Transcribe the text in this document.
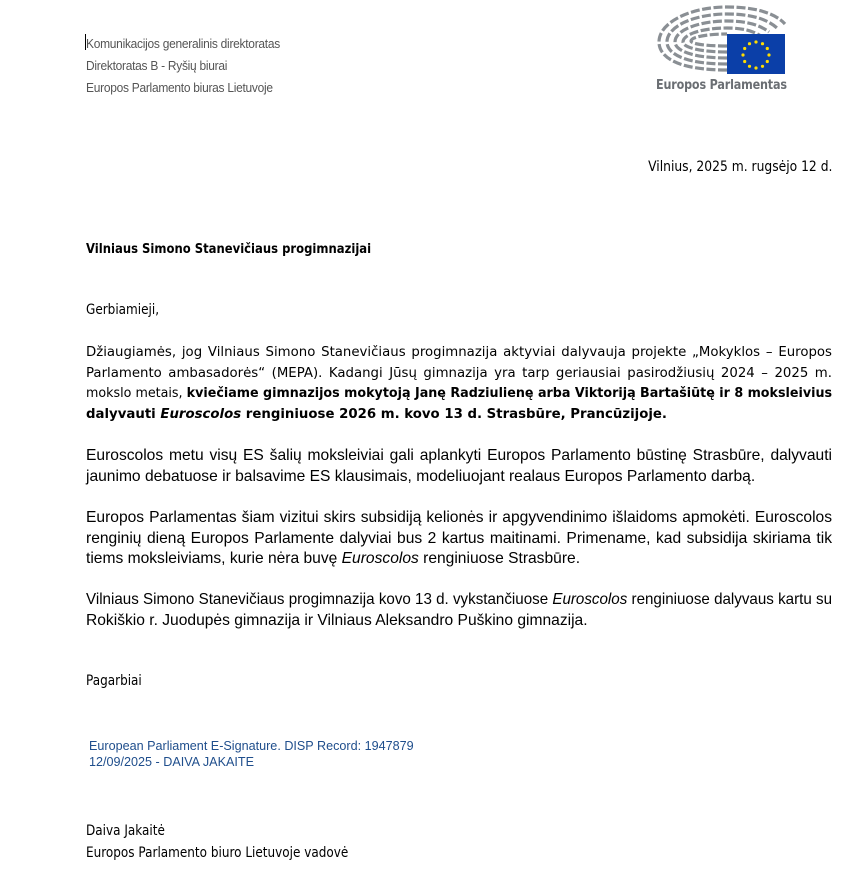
Komunikacijos generalinis direktoratas
Direktoratas B - Ryšių biurai
Europos Parlamento biuras Lietuvoje	Europos Parlamentas
Vilnius, 2025 m. rugsėjo 12 d.
Vilniaus Simono Stanevičiaus progimnazijai
Gerbiamieji,
Džiaugiamės, jog Vilniaus Simono Stanevičiaus progimnazija aktyviai dalyvauja projekte „Mokyklos – Europos
Parlamento ambasadorės“ (MEPA). Kadangi Jūsų gimnazija yra tarp geriausiai pasirodžiusių 2024 – 2025 m.
mokslo metais, kviečiame gimnazijos mokytoją Janę Radziulienę arba Viktoriją Bartašiūtę ir 8 moksleivius
dalyvauti Euroscolos renginiuose 2026 m. kovo 13 d. Strasbūre, Prancūzijoje.
Euroscolos metu visų ES šalių moksleiviai gali aplankyti Europos Parlamento būstinę Strasbūre, dalyvauti
jaunimo debatuose ir balsavime ES klausimais, modeliuojant realaus Europos Parlamento darbą.
Europos Parlamentas šiam vizitui skirs subsidiją kelionės ir apgyvendinimo išlaidoms apmokėti. Euroscolos
renginių dieną Europos Parlamente dalyviai bus 2 kartus maitinami. Primename, kad subsidija skiriama tik
tiems moksleiviams, kurie nėra buvę Euroscolos renginiuose Strasbūre.
Vilniaus Simono Stanevičiaus progimnazija kovo 13 d. vykstančiuose Euroscolos renginiuose dalyvaus kartu su
Rokiškio r. Juodupės gimnazija ir Vilniaus Aleksandro Puškino gimnazija.
Pagarbiai
European Parliament E-Signature. DISP Record: 1947879
12/09/2025 - DAIVA JAKAITE
Daiva Jakaitė
Europos Parlamento biuro Lietuvoje vadovė
